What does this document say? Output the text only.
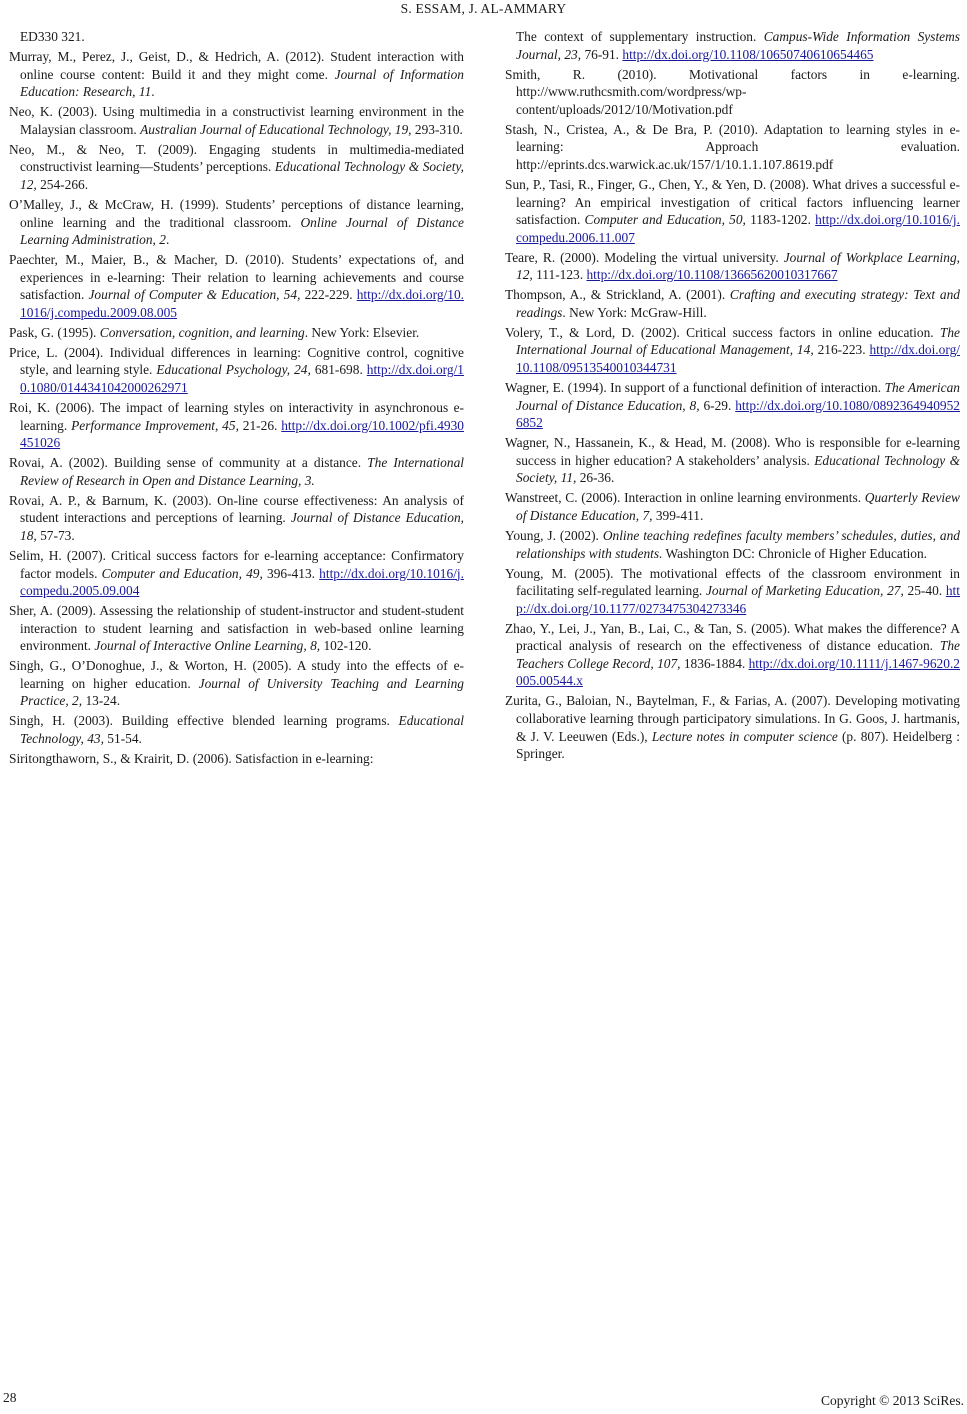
S. ESSAM, J. AL-AMMARY

ED330 321.

Murray, M., Perez, J., Geist, D., & Hedrich, A. (2012). Student interaction with online course content: Build it and they might come. Journal of Information Education: Research, 11.

Neo, K. (2003). Using multimedia in a constructivist learning environment in the Malaysian classroom. Australian Journal of Educational Technology, 19, 293-310.

Neo, M., & Neo, T. (2009). Engaging students in multimedia-mediated constructivist learning—Students’ perceptions. Educational Technology & Society, 12, 254-266.

O’Malley, J., & McCraw, H. (1999). Students’ perceptions of distance learning, online learning and the traditional classroom. Online Journal of Distance Learning Administration, 2.

Paechter, M., Maier, B., & Macher, D. (2010). Students’ expectations of, and experiences in e-learning: Their relation to learning achievements and course satisfaction. Journal of Computer & Education, 54, 222-229. http://dx.doi.org/10.1016/j.compedu.2009.08.005

Pask, G. (1995). Conversation, cognition, and learning. New York: Elsevier.

Price, L. (2004). Individual differences in learning: Cognitive control, cognitive style, and learning style. Educational Psychology, 24, 681-698. http://dx.doi.org/10.1080/0144341042000262971

Roi, K. (2006). The impact of learning styles on interactivity in asynchronous e-learning. Performance Improvement, 45, 21-26. http://dx.doi.org/10.1002/pfi.4930451026

Rovai, A. (2002). Building sense of community at a distance. The International Review of Research in Open and Distance Learning, 3.

Rovai, A. P., & Barnum, K. (2003). On-line course effectiveness: An analysis of student interactions and perceptions of learning. Journal of Distance Education, 18, 57-73.

Selim, H. (2007). Critical success factors for e-learning acceptance: Confirmatory factor models. Computer and Education, 49, 396-413. http://dx.doi.org/10.1016/j.compedu.2005.09.004

Sher, A. (2009). Assessing the relationship of student-instructor and student-student interaction to student learning and satisfaction in web-based online learning environment. Journal of Interactive Online Learning, 8, 102-120.

Singh, G., O’Donoghue, J., & Worton, H. (2005). A study into the effects of e-learning on higher education. Journal of University Teaching and Learning Practice, 2, 13-24.

Singh, H. (2003). Building effective blended learning programs. Educational Technology, 43, 51-54.

Siritongthaworn, S., & Krairit, D. (2006). Satisfaction in e-learning:

The context of supplementary instruction. Campus-Wide Information Systems Journal, 23, 76-91. http://dx.doi.org/10.1108/10650740610654465

Smith, R. (2010). Motivational factors in e-learning. http://www.ruthcsmith.com/wordpress/wp-content/uploads/2012/10/Motivation.pdf

Stash, N., Cristea, A., & De Bra, P. (2010). Adaptation to learning styles in e-learning: Approach evaluation. http://eprints.dcs.warwick.ac.uk/157/1/10.1.1.107.8619.pdf

Sun, P., Tasi, R., Finger, G., Chen, Y., & Yen, D. (2008). What drives a successful e-learning? An empirical investigation of critical factors influencing learner satisfaction. Computer and Education, 50, 1183-1202. http://dx.doi.org/10.1016/j.compedu.2006.11.007

Teare, R. (2000). Modeling the virtual university. Journal of Workplace Learning, 12, 111-123. http://dx.doi.org/10.1108/13665620010317667

Thompson, A., & Strickland, A. (2001). Crafting and executing strategy: Text and readings. New York: McGraw-Hill.

Volery, T., & Lord, D. (2002). Critical success factors in online education. The International Journal of Educational Management, 14, 216-223. http://dx.doi.org/10.1108/09513540010344731

Wagner, E. (1994). In support of a functional definition of interaction. The American Journal of Distance Education, 8, 6-29. http://dx.doi.org/10.1080/08923649409526852

Wagner, N., Hassanein, K., & Head, M. (2008). Who is responsible for e-learning success in higher education? A stakeholders’ analysis. Educational Technology & Society, 11, 26-36.

Wanstreet, C. (2006). Interaction in online learning environments. Quarterly Review of Distance Education, 7, 399-411.

Young, J. (2002). Online teaching redefines faculty members’ schedules, duties, and relationships with students. Washington DC: Chronicle of Higher Education.

Young, M. (2005). The motivational effects of the classroom environment in facilitating self-regulated learning. Journal of Marketing Education, 27, 25-40. http://dx.doi.org/10.1177/0273475304273346

Zhao, Y., Lei, J., Yan, B., Lai, C., & Tan, S. (2005). What makes the difference? A practical analysis of research on the effectiveness of distance education. The Teachers College Record, 107, 1836-1884. http://dx.doi.org/10.1111/j.1467-9620.2005.00544.x

Zurita, G., Baloian, N., Baytelman, F., & Farias, A. (2007). Developing motivating collaborative learning through participatory simulations. In G. Goos, J. hartmanis, & J. V. Leeuwen (Eds.), Lecture notes in computer science (p. 807). Heidelberg : Springer.

28	Copyright © 2013 SciRes.
